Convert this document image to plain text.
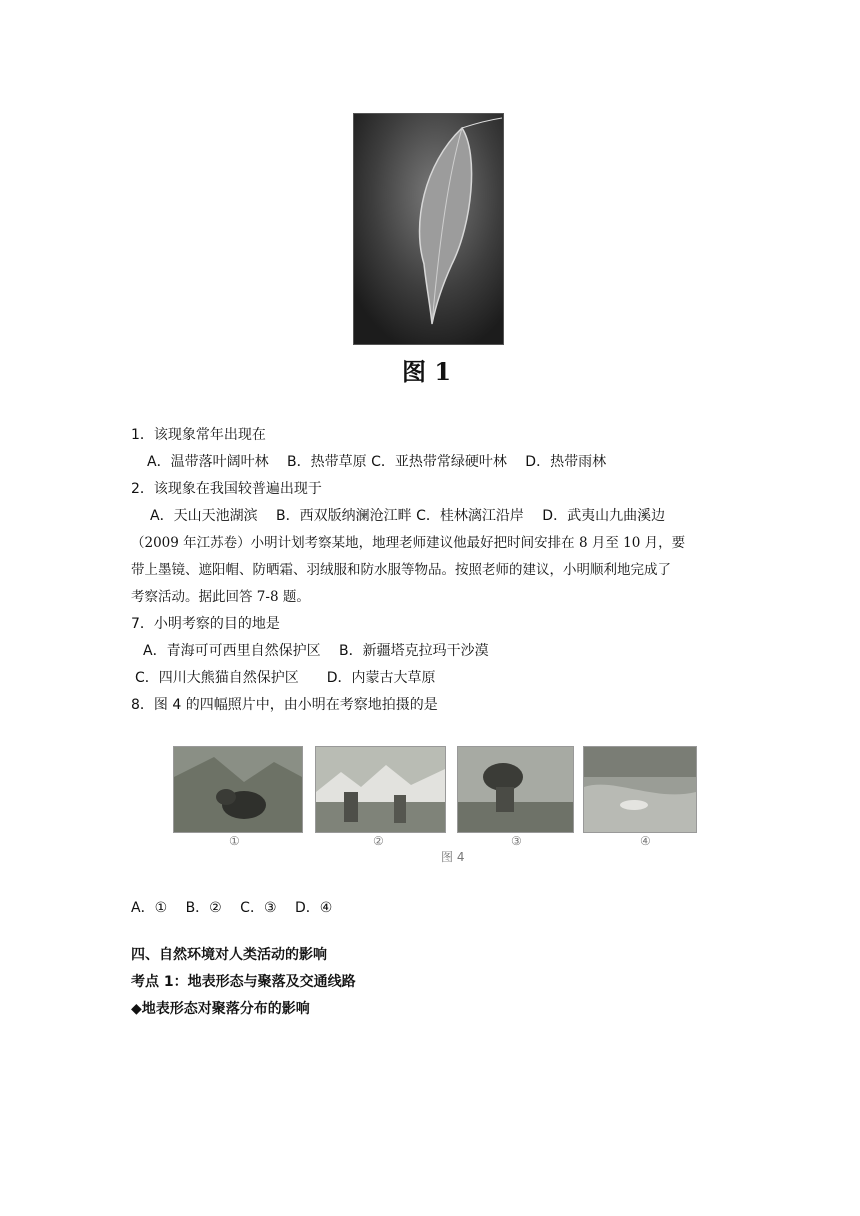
图 1
1．该现象常年出现在
A．温带落叶阔叶林　 B．热带草原 C．亚热带常绿硬叶林　 D．热带雨林
2．该现象在我国较普遍出现于
A．天山天池湖滨　 B．西双版纳澜沧江畔 C．桂林漓江沿岸　 D．武夷山九曲溪边
（2009 年江苏卷）小明计划考察某地，地理老师建议他最好把时间安排在 8 月至 10 月，要
带上墨镜、遮阳帽、防晒霜、羽绒服和防水服等物品。按照老师的建议，小明顺利地完成了
考察活动。据此回答 7-8 题。
7．小明考察的目的地是
A．青海可可西里自然保护区　 B．新疆塔克拉玛干沙漠
C．四川大熊猫自然保护区　　D．内蒙古大草原
8．图 4 的四幅照片中，由小明在考察地拍摄的是
①	②	③	④
图 4
A．①　 B．②　 C．③　 D．④
四、自然环境对人类活动的影响
考点 1：地表形态与聚落及交通线路
◆地表形态对聚落分布的影响
